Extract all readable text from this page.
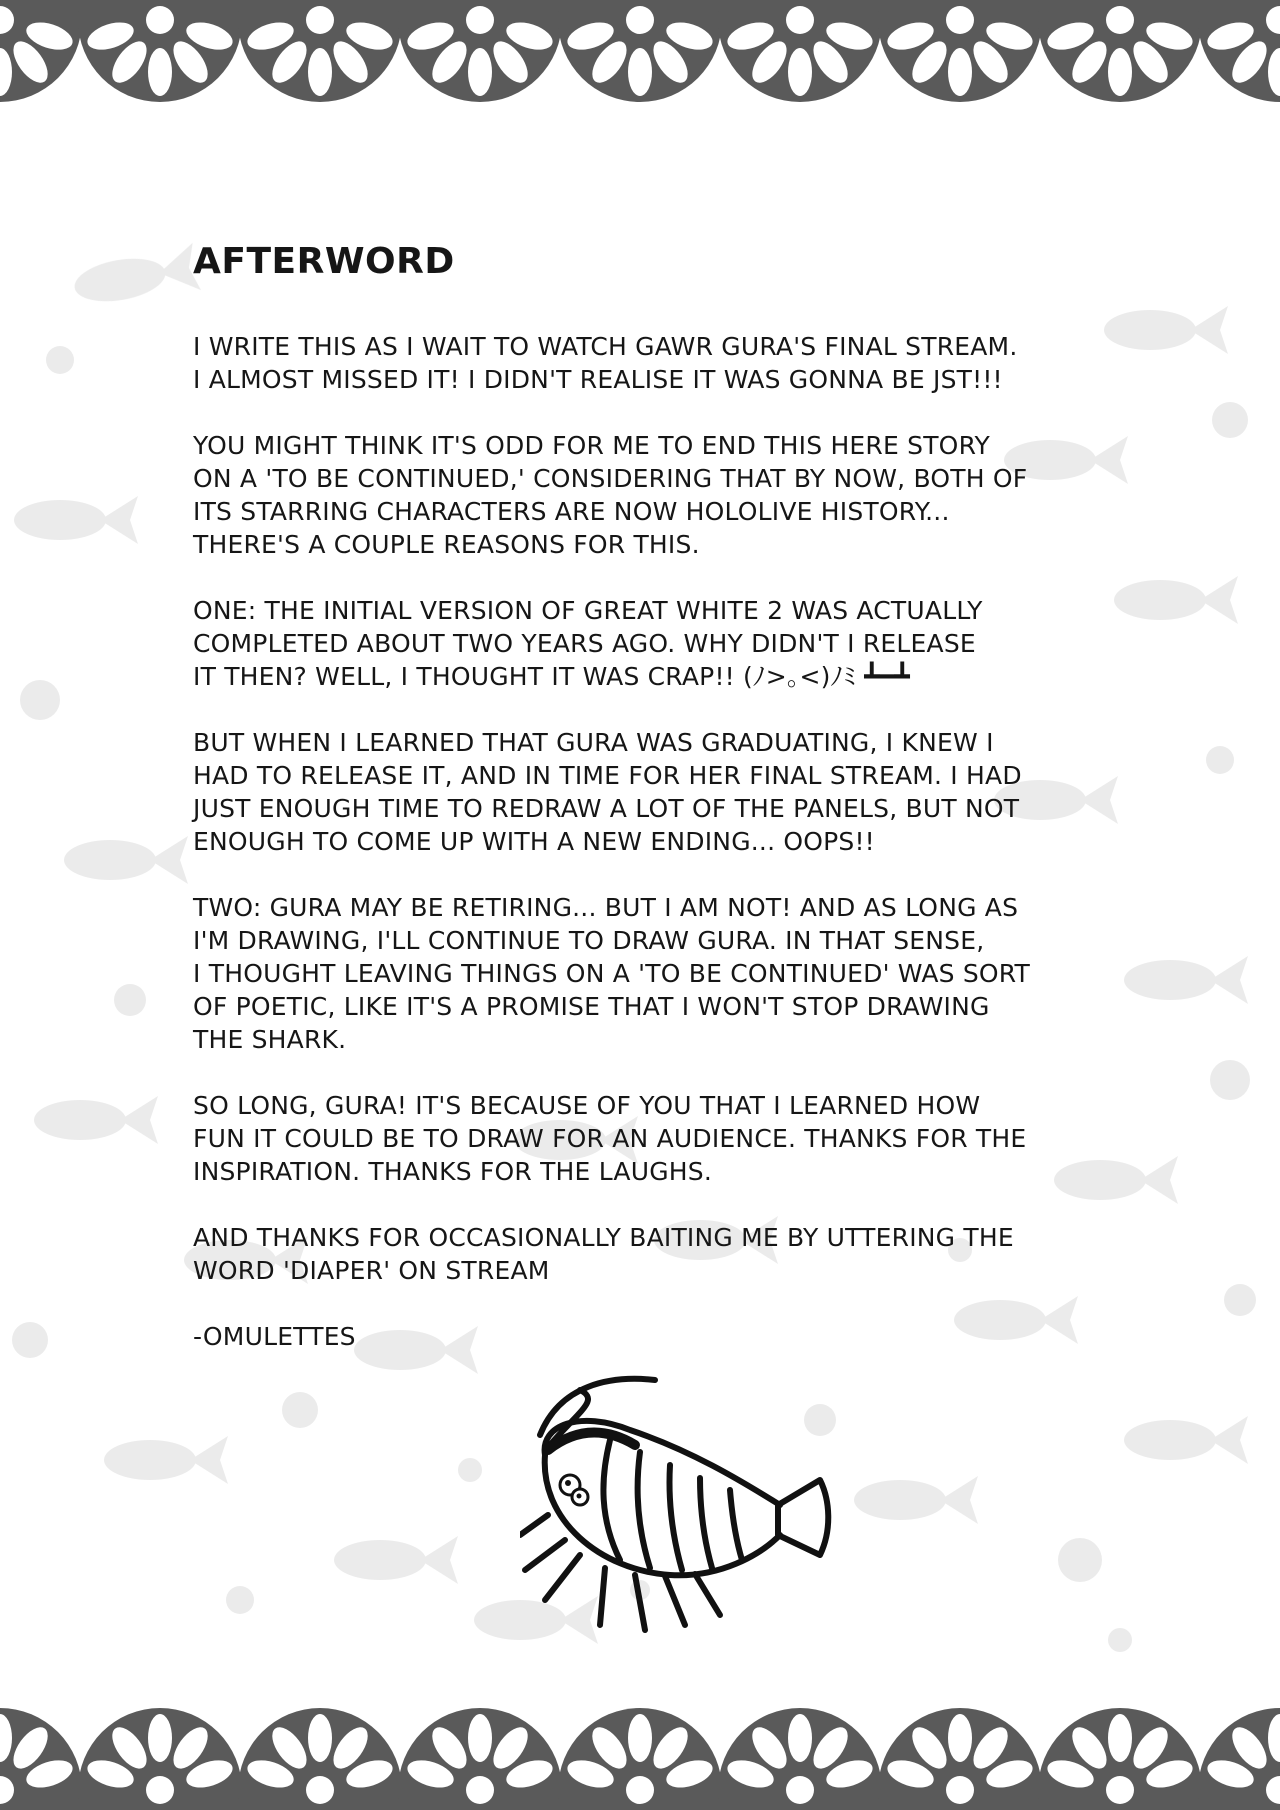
AFTERWORD
I WRITE THIS AS I WAIT TO WATCH GAWR GURA'S FINAL STREAM.
I ALMOST MISSED IT! I DIDN'T REALISE IT WAS GONNA BE JST!!!
YOU MIGHT THINK IT'S ODD FOR ME TO END THIS HERE STORY
ON A 'TO BE CONTINUED,' CONSIDERING THAT BY NOW, BOTH OF
ITS STARRING CHARACTERS ARE NOW HOLOLIVE HISTORY...
THERE'S A COUPLE REASONS FOR THIS.
ONE: THE INITIAL VERSION OF GREAT WHITE 2 WAS ACTUALLY
COMPLETED ABOUT TWO YEARS AGO. WHY DIDN'T I RELEASE
IT THEN? WELL, I THOUGHT IT WAS CRAP!! (ﾉ>｡<)ﾉﾐ ┻━┻
BUT WHEN I LEARNED THAT GURA WAS GRADUATING, I KNEW I
HAD TO RELEASE IT, AND IN TIME FOR HER FINAL STREAM. I HAD
JUST ENOUGH TIME TO REDRAW A LOT OF THE PANELS, BUT NOT
ENOUGH TO COME UP WITH A NEW ENDING... OOPS!!
TWO: GURA MAY BE RETIRING... BUT I AM NOT! AND AS LONG AS
I'M DRAWING, I'LL CONTINUE TO DRAW GURA. IN THAT SENSE,
I THOUGHT LEAVING THINGS ON A 'TO BE CONTINUED' WAS SORT
OF POETIC, LIKE IT'S A PROMISE THAT I WON'T STOP DRAWING
THE SHARK.
SO LONG, GURA! IT'S BECAUSE OF YOU THAT I LEARNED HOW
FUN IT COULD BE TO DRAW FOR AN AUDIENCE. THANKS FOR THE
INSPIRATION. THANKS FOR THE LAUGHS.
AND THANKS FOR OCCASIONALLY BAITING ME BY UTTERING THE
WORD 'DIAPER' ON STREAM
-OMULETTES
